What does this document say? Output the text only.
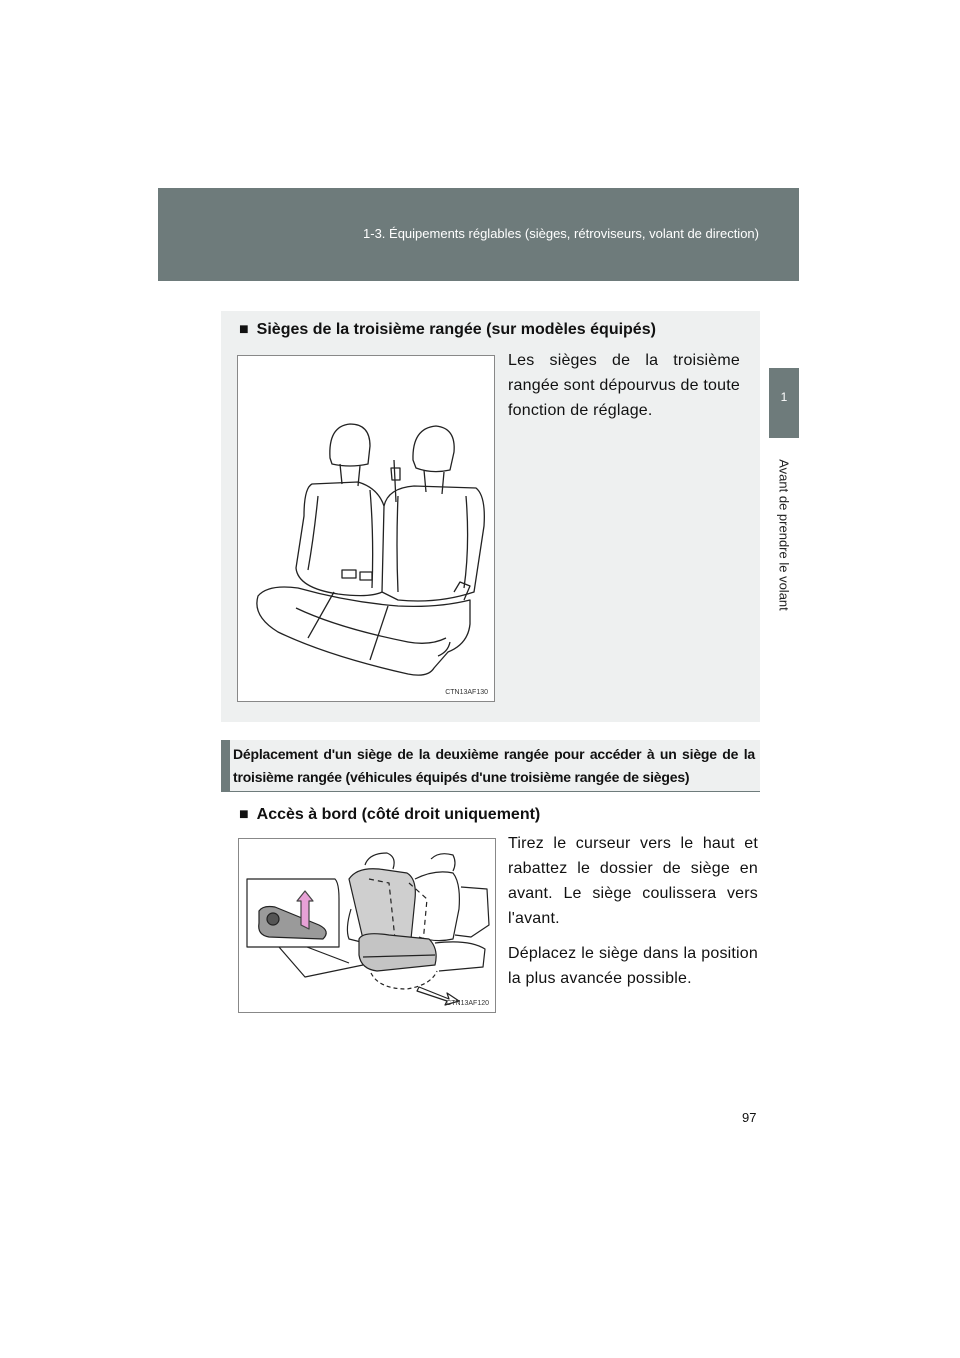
1-3. Équipements réglables (sièges, rétroviseurs, volant de direction)
1
Avant de prendre le volant
■ Sièges de la troisième rangée (sur modèles équipés)
CTN13AF130
Les sièges de la troisième rangée sont dépourvus de toute fonction de réglage.
Déplacement d'un siège de la deuxième rangée pour accéder à un siège de la troisième rangée (véhicules équipés d'une troisième rangée de sièges)
■ Accès à bord (côté droit uniquement)
CTN13AF120

Tirez le curseur vers le haut et rabattez le dossier de siège en avant. Le siège coulissera vers l'avant.

Déplacez le siège dans la position la plus avancée possible.

97
